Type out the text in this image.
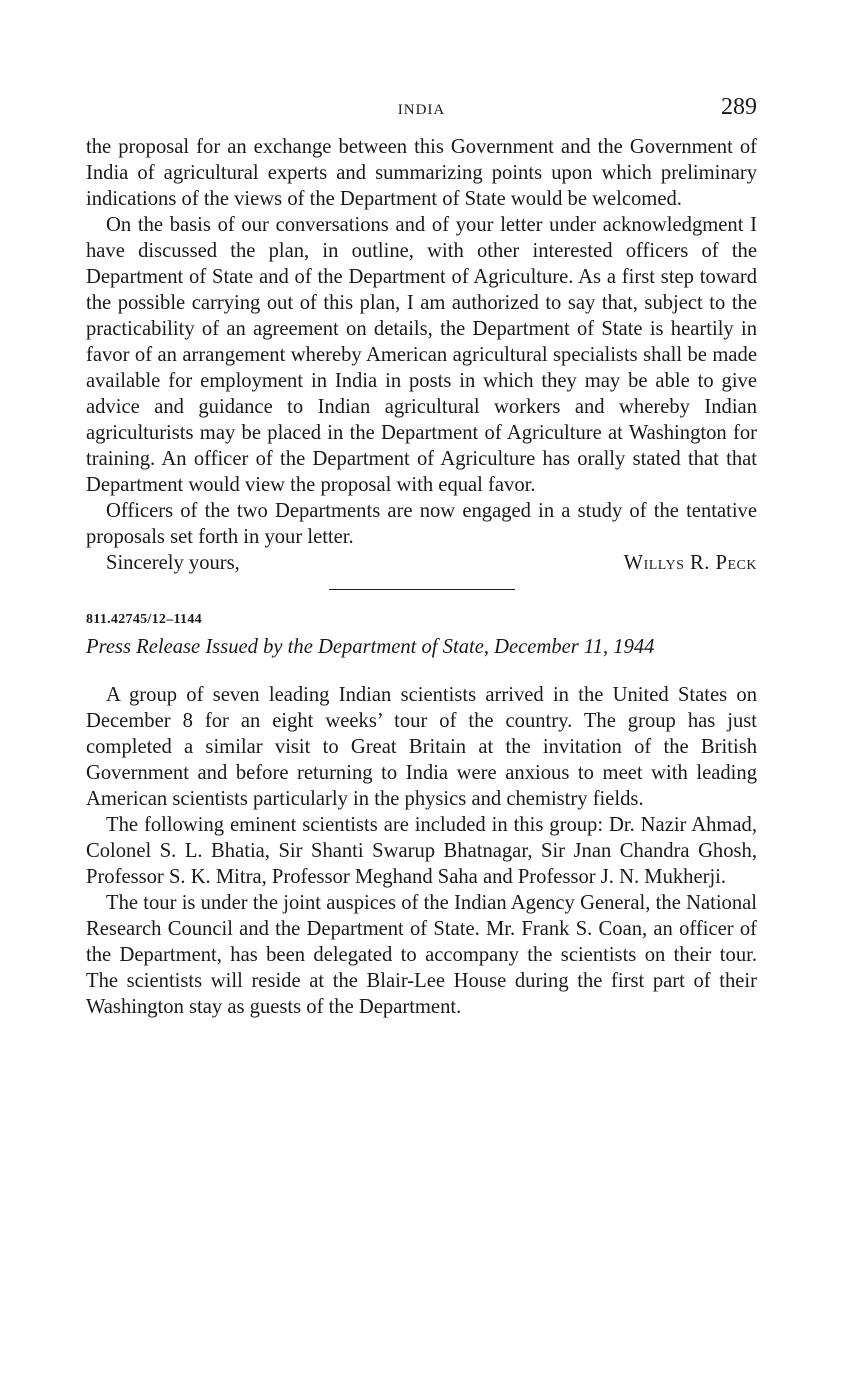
INDIA	289

the proposal for an exchange between this Government and the Government of India of agricultural experts and summarizing points upon which preliminary indications of the views of the Department of State would be welcomed.

On the basis of our conversations and of your letter under acknowledgment I have discussed the plan, in outline, with other interested officers of the Department of State and of the Department of Agriculture. As a first step toward the possible carrying out of this plan, I am authorized to say that, subject to the practicability of an agreement on details, the Department of State is heartily in favor of an arrangement whereby American agricultural specialists shall be made available for employment in India in posts in which they may be able to give advice and guidance to Indian agricultural workers and whereby Indian agriculturists may be placed in the Department of Agriculture at Washington for training. An officer of the Department of Agriculture has orally stated that that Department would view the proposal with equal favor.

Officers of the two Departments are now engaged in a study of the tentative proposals set forth in your letter.

Sincerely yours,	Willys R. Peck
811.42745/12–1144
Press Release Issued by the Department of State, December 11, 1944

A group of seven leading Indian scientists arrived in the United States on December 8 for an eight weeks’ tour of the country. The group has just completed a similar visit to Great Britain at the invitation of the British Government and before returning to India were anxious to meet with leading American scientists particularly in the physics and chemistry fields.

The following eminent scientists are included in this group: Dr. Nazir Ahmad, Colonel S. L. Bhatia, Sir Shanti Swarup Bhatnagar, Sir Jnan Chandra Ghosh, Professor S. K. Mitra, Professor Meghand Saha and Professor J. N. Mukherji.

The tour is under the joint auspices of the Indian Agency General, the National Research Council and the Department of State. Mr. Frank S. Coan, an officer of the Department, has been delegated to accompany the scientists on their tour. The scientists will reside at the Blair-Lee House during the first part of their Washington stay as guests of the Department.
